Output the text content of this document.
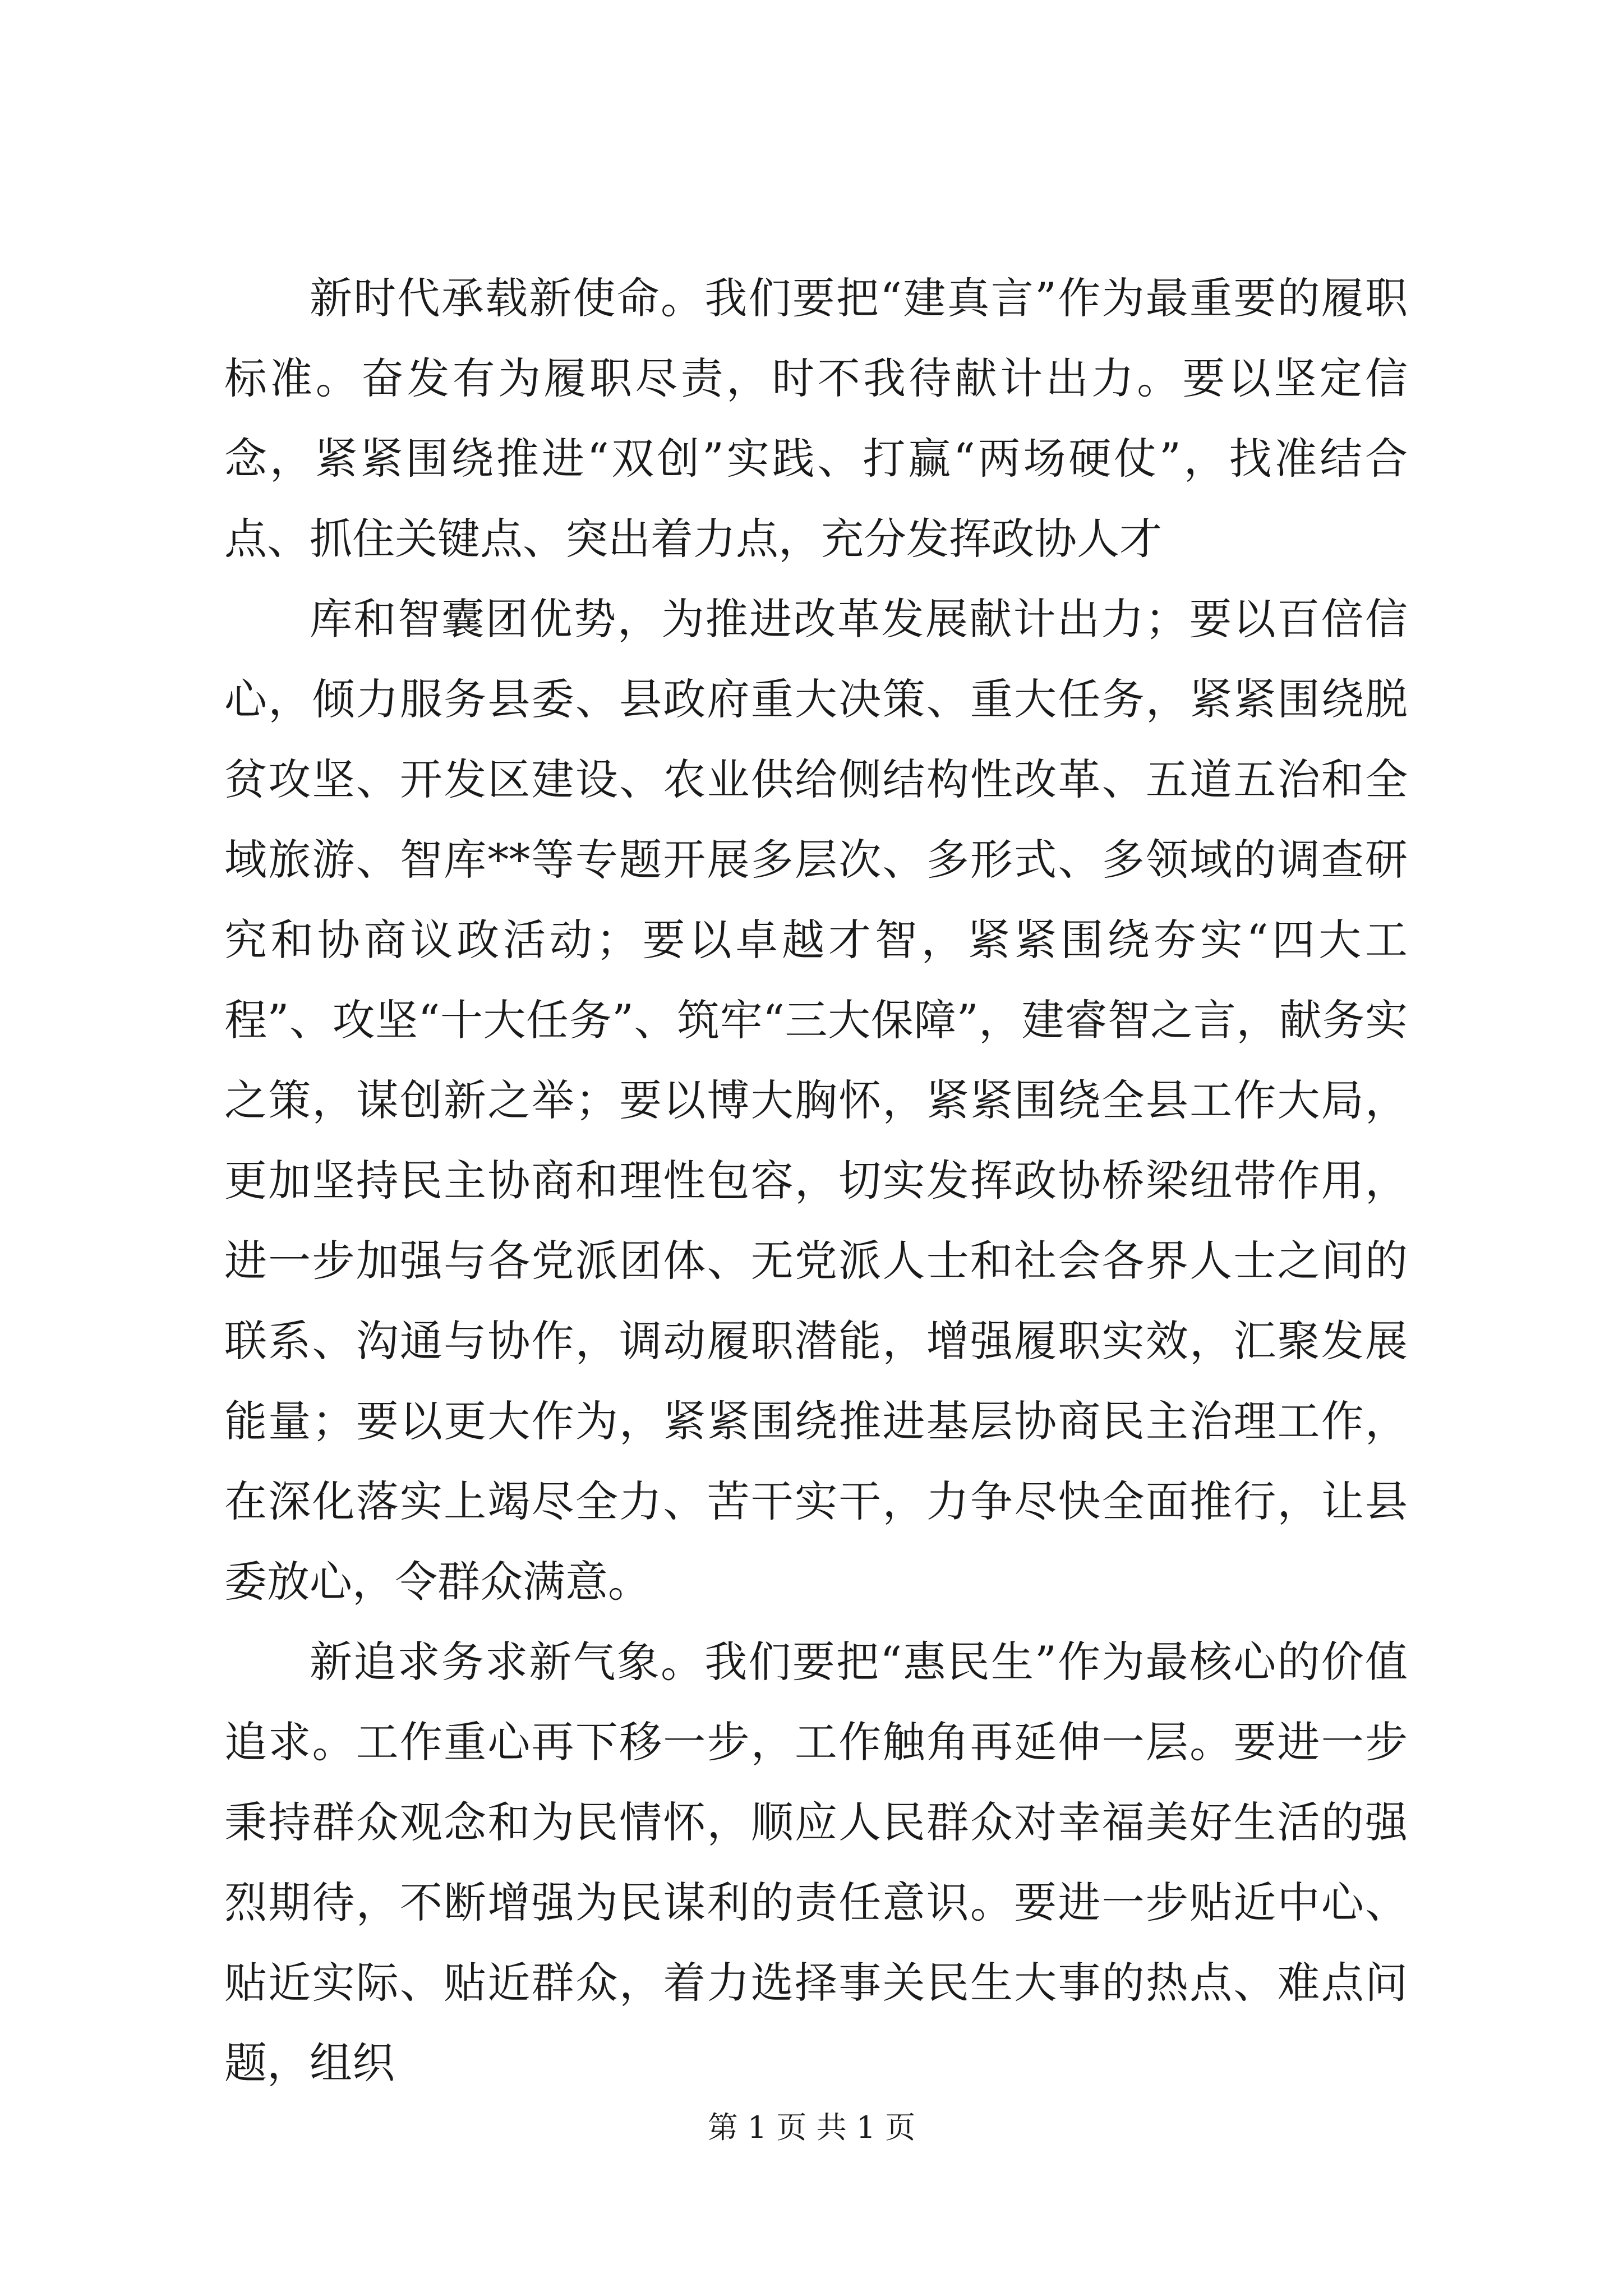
新时代承载新使命。我们要把“建真言”作为最重要的履职标准。奋发有为履职尽责，时不我待献计出力。要以坚定信念，紧紧围绕推进“双创”实践、打赢“两场硬仗”，找准结合点、抓住关键点、突出着力点，充分发挥政协人才

库和智囊团优势，为推进改革发展献计出力；要以百倍信心，倾力服务县委、县政府重大决策、重大任务，紧紧围绕脱贫攻坚、开发区建设、农业供给侧结构性改革、五道五治和全域旅游、智库**等专题开展多层次、多形式、多领域的调查研究和协商议政活动；要以卓越才智，紧紧围绕夯实“四大工程”、攻坚“十大任务”、筑牢“三大保障”，建睿智之言，献务实之策，谋创新之举；要以博大胸怀，紧紧围绕全县工作大局，更加坚持民主协商和理性包容，切实发挥政协桥梁纽带作用，进一步加强与各党派团体、无党派人士和社会各界人士之间的联系、沟通与协作，调动履职潜能，增强履职实效，汇聚发展能量；要以更大作为，紧紧围绕推进基层协商民主治理工作，在深化落实上竭尽全力、苦干实干，力争尽快全面推行，让县委放心，令群众满意。

新追求务求新气象。我们要把“惠民生”作为最核心的价值追求。工作重心再下移一步，工作触角再延伸一层。要进一步秉持群众观念和为民情怀，顺应人民群众对幸福美好生活的强烈期待，不断增强为民谋利的责任意识。要进一步贴近中心、贴近实际、贴近群众，着力选择事关民生大事的热点、难点问题，组织

第 1 页 共 1 页
